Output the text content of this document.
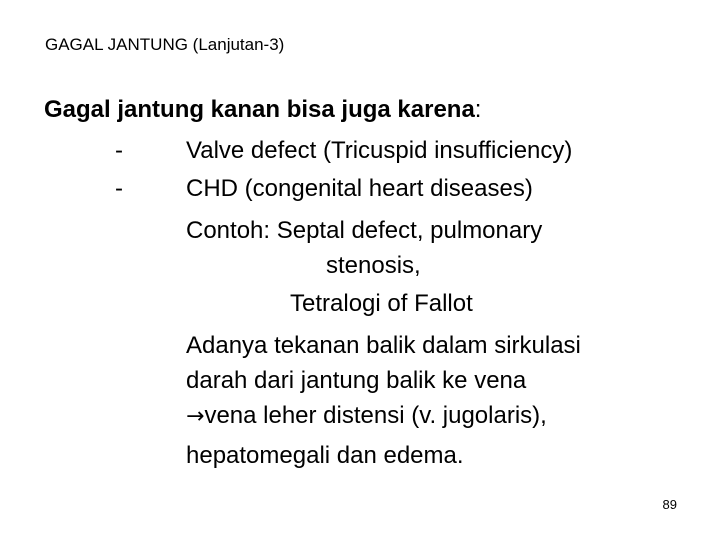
GAGAL JANTUNG (Lanjutan-3)
Gagal jantung kanan bisa juga karena:
-	Valve defect (Tricuspid insufficiency)
-	CHD (congenital heart diseases)
Contoh: Septal defect, pulmonary
stenosis,
Tetralogi of Fallot
Adanya tekanan balik dalam sirkulasi
darah dari jantung balik ke vena
→vena leher distensi (v. jugolaris),
hepatomegali dan edema.
89
